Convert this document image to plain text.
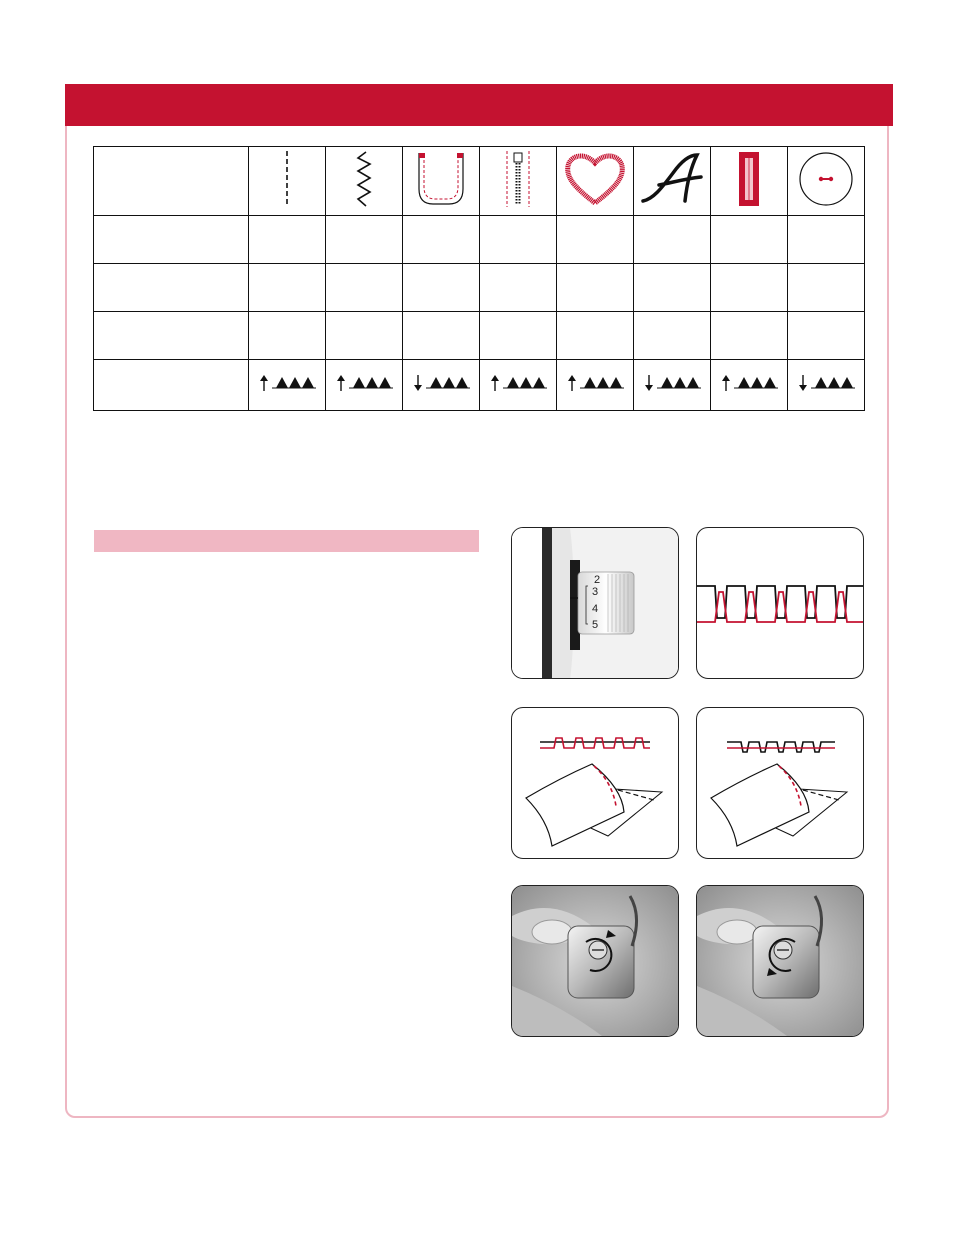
2
3
4
5
